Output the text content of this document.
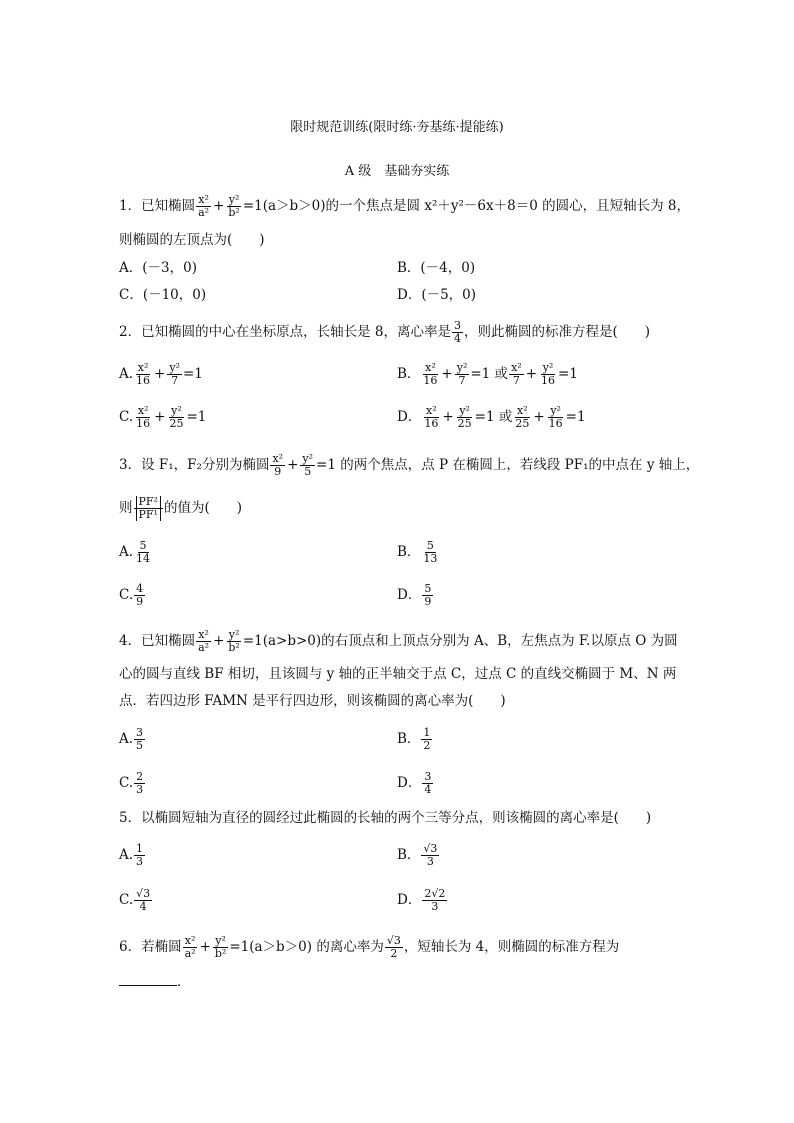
限时规范训练(限时练·夯基练·提能练)
A 级　基础夯实练
1．已知椭圆 $\frac{\text{x²}}{\text{a²}} + \frac{\text{y²}}{\text{b²}} =1(a>b>0)$的一个焦点是圆 x²＋y²－6x＋8＝0 的圆心，且短轴长为 8，
则椭圆的左顶点为(　　)
A．(－3，0)	B．(－4，0)
C．(－10，0)	D．(－5，0)
2．已知椭圆的中心在坐标原点，长轴长是 8，离心率是 $\frac{3}{4}$ ，则此椭圆的标准方程是(　　)
A. $\frac{\text{x²}}{16} + \frac{\text{y²}}{7} =1$	B． $\frac{\text{x²}}{16} + \frac{\text{y²}}{7} =1$ 或 $\frac{\text{x²}}{7} + \frac{\text{y²}}{16} =1$
C. $\frac{\text{x²}}{16} + \frac{\text{y²}}{25} =1$	D． $\frac{\text{x²}}{16} + \frac{\text{y²}}{25} =1$ 或 $\frac{\text{x²}}{25} + \frac{\text{y²}}{16} =1$
3．设 F₁，F₂分别为椭圆 $\frac{\text{x²}}{9} + \frac{\text{y²}}{5} =1$ 的两个焦点，点 P 在椭圆上，若线段 PF₁的中点在 y 轴上，
则 $\frac{\text{PF²}}{\text{PF¹}}$ 的值为(　　)
A. $\frac{5}{14}$	B． $\frac{5}{13}$
C. $\frac{4}{9}$	D． $\frac{5}{9}$
4．已知椭圆 $\frac{\text{x²}}{\text{a²}} + \frac{\text{y²}}{\text{b²}} =1(a>b>0)$的右顶点和上顶点分别为 A、B，左焦点为 F.以原点 O 为圆
心的圆与直线 BF 相切，且该圆与 y 轴的正半轴交于点 C，过点 C 的直线交椭圆于 M、N 两
点．若四边形 FAMN 是平行四边形，则该椭圆的离心率为(　　)
A. $\frac{3}{5}$	B． $\frac{1}{2}$
C. $\frac{2}{3}$	D． $\frac{3}{4}$
5．以椭圆短轴为直径的圆经过此椭圆的长轴的两个三等分点，则该椭圆的离心率是(　　)
A. $\frac{1}{3}$	B． $\frac{√3}{3}$
C. $\frac{√3}{4}$	D． $\frac{2√2}{3}$
6．若椭圆 $\frac{\text{x²}}{\text{a²}} + \frac{\text{y²}}{\text{b²}} =1(a>b>0)$ 的离心率为 $\frac{√3}{2}$ ，短轴长为 4，则椭圆的标准方程为
．
